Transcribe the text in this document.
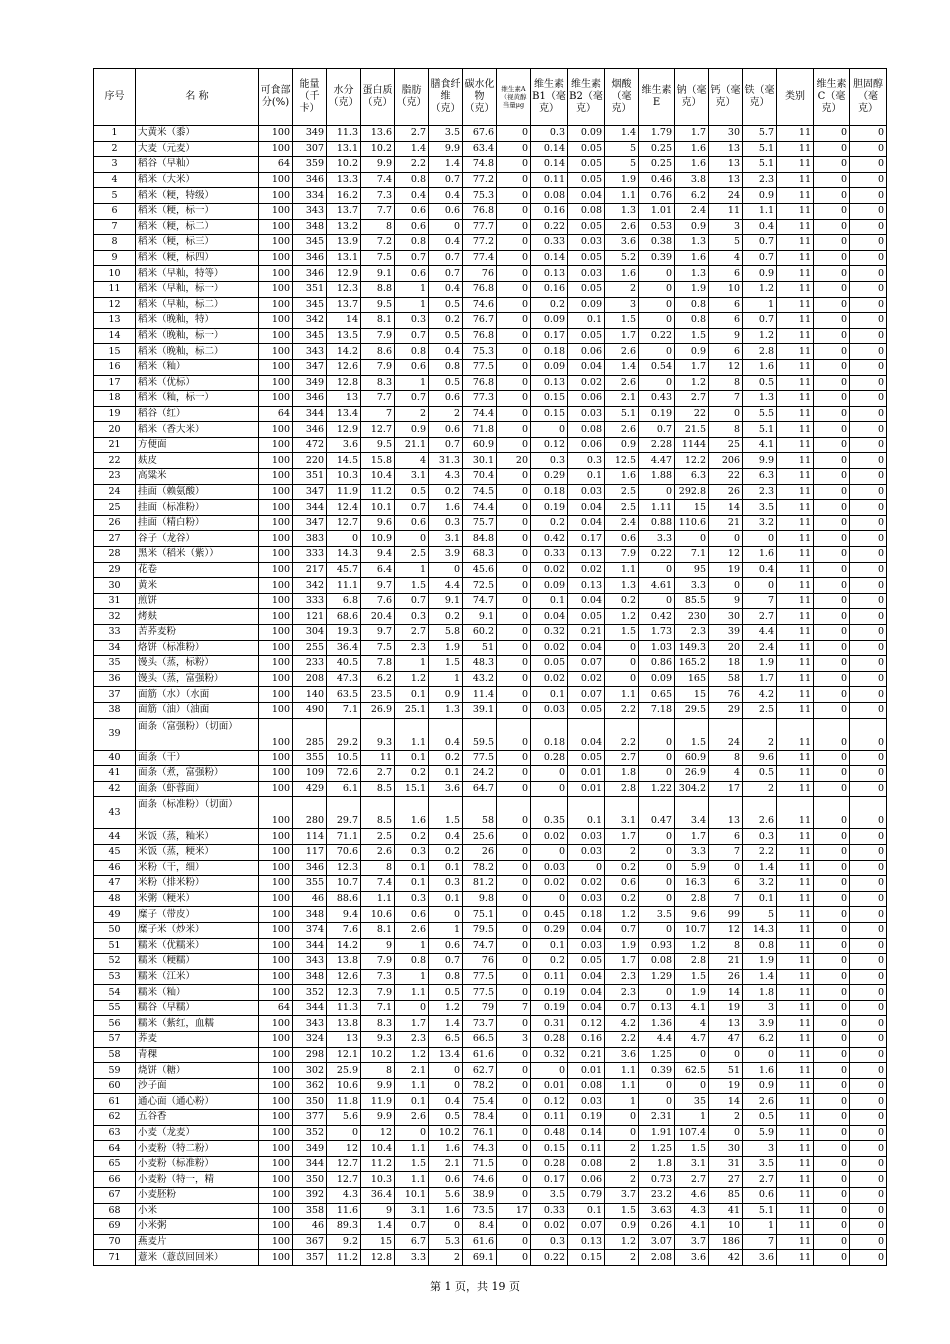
序号	名 称	可食部分(%)	能量（千卡）	水分（克）	蛋白质（克）	脂肪（克）	膳食纤维（克）	碳水化物（克）	维生素A（视黄醇当量μg	维生素B1（毫克）	维生素B2（毫克）	烟酸（毫克）	维生素E	钠（毫克）	钙（毫克）	铁（毫克）	类别	维生素C（毫克）	胆固醇（毫克）
1	大黄米（黍）	100	349	11.3	13.6	2.7	3.5	67.6	0	0.3	0.09	1.4	1.79	1.7	30	5.7	11	0	0
2	大麦（元麦）	100	307	13.1	10.2	1.4	9.9	63.4	0	0.14	0.05	5	0.25	1.6	13	5.1	11	0	0
3	稻谷（早籼）	64	359	10.2	9.9	2.2	1.4	74.8	0	0.14	0.05	5	0.25	1.6	13	5.1	11	0	0
4	稻米（大米）	100	346	13.3	7.4	0.8	0.7	77.2	0	0.11	0.05	1.9	0.46	3.8	13	2.3	11	0	0
5	稻米（粳，特级）	100	334	16.2	7.3	0.4	0.4	75.3	0	0.08	0.04	1.1	0.76	6.2	24	0.9	11	0	0
6	稻米（粳，标一）	100	343	13.7	7.7	0.6	0.6	76.8	0	0.16	0.08	1.3	1.01	2.4	11	1.1	11	0	0
7	稻米（粳，标二）	100	348	13.2	8	0.6	0	77.7	0	0.22	0.05	2.6	0.53	0.9	3	0.4	11	0	0
8	稻米（粳，标三）	100	345	13.9	7.2	0.8	0.4	77.2	0	0.33	0.03	3.6	0.38	1.3	5	0.7	11	0	0
9	稻米（粳，标四）	100	346	13.1	7.5	0.7	0.7	77.4	0	0.14	0.05	5.2	0.39	1.6	4	0.7	11	0	0
10	稻米（早籼，特等）	100	346	12.9	9.1	0.6	0.7	76	0	0.13	0.03	1.6	0	1.3	6	0.9	11	0	0
11	稻米（早籼，标一）	100	351	12.3	8.8	1	0.4	76.8	0	0.16	0.05	2	0	1.9	10	1.2	11	0	0
12	稻米（早籼，标二）	100	345	13.7	9.5	1	0.5	74.6	0	0.2	0.09	3	0	0.8	6	1	11	0	0
13	稻米（晚籼，特）	100	342	14	8.1	0.3	0.2	76.7	0	0.09	0.1	1.5	0	0.8	6	0.7	11	0	0
14	稻米（晚籼，标一）	100	345	13.5	7.9	0.7	0.5	76.8	0	0.17	0.05	1.7	0.22	1.5	9	1.2	11	0	0
15	稻米（晚籼，标二）	100	343	14.2	8.6	0.8	0.4	75.3	0	0.18	0.06	2.6	0	0.9	6	2.8	11	0	0
16	稻米（籼）	100	347	12.6	7.9	0.6	0.8	77.5	0	0.09	0.04	1.4	0.54	1.7	12	1.6	11	0	0
17	稻米（优标）	100	349	12.8	8.3	1	0.5	76.8	0	0.13	0.02	2.6	0	1.2	8	0.5	11	0	0
18	稻米（籼，标一）	100	346	13	7.7	0.7	0.6	77.3	0	0.15	0.06	2.1	0.43	2.7	7	1.3	11	0	0
19	稻谷（红）	64	344	13.4	7	2	2	74.4	0	0.15	0.03	5.1	0.19	22	0	5.5	11	0	0
20	稻米（香大米）	100	346	12.9	12.7	0.9	0.6	71.8	0	0	0.08	2.6	0.7	21.5	8	5.1	11	0	0
21	方便面	100	472	3.6	9.5	21.1	0.7	60.9	0	0.12	0.06	0.9	2.28	1144	25	4.1	11	0	0
22	麸皮	100	220	14.5	15.8	4	31.3	30.1	20	0.3	0.3	12.5	4.47	12.2	206	9.9	11	0	0
23	高粱米	100	351	10.3	10.4	3.1	4.3	70.4	0	0.29	0.1	1.6	1.88	6.3	22	6.3	11	0	0
24	挂面（赖氨酸）	100	347	11.9	11.2	0.5	0.2	74.5	0	0.18	0.03	2.5	0	292.8	26	2.3	11	0	0
25	挂面（标准粉）	100	344	12.4	10.1	0.7	1.6	74.4	0	0.19	0.04	2.5	1.11	15	14	3.5	11	0	0
26	挂面（精白粉）	100	347	12.7	9.6	0.6	0.3	75.7	0	0.2	0.04	2.4	0.88	110.6	21	3.2	11	0	0
27	谷子（龙谷）	100	383	0	10.9	0	3.1	84.8	0	0.42	0.17	0.6	3.3	0	0	0	11	0	0
28	黑米（稻米（紫））	100	333	14.3	9.4	2.5	3.9	68.3	0	0.33	0.13	7.9	0.22	7.1	12	1.6	11	0	0
29	花卷	100	217	45.7	6.4	1	0	45.6	0	0.02	0.02	1.1	0	95	19	0.4	11	0	0
30	黄米	100	342	11.1	9.7	1.5	4.4	72.5	0	0.09	0.13	1.3	4.61	3.3	0	0	11	0	0
31	煎饼	100	333	6.8	7.6	0.7	9.1	74.7	0	0.1	0.04	0.2	0	85.5	9	7	11	0	0
32	烤麸	100	121	68.6	20.4	0.3	0.2	9.1	0	0.04	0.05	1.2	0.42	230	30	2.7	11	0	0
33	苦荞麦粉	100	304	19.3	9.7	2.7	5.8	60.2	0	0.32	0.21	1.5	1.73	2.3	39	4.4	11	0	0
34	烙饼（标准粉）	100	255	36.4	7.5	2.3	1.9	51	0	0.02	0.04	0	1.03	149.3	20	2.4	11	0	0
35	馒头（蒸，标粉）	100	233	40.5	7.8	1	1.5	48.3	0	0.05	0.07	0	0.86	165.2	18	1.9	11	0	0
36	馒头（蒸，富强粉）	100	208	47.3	6.2	1.2	1	43.2	0	0.02	0.02	0	0.09	165	58	1.7	11	0	0
37	面筋（水）（水面	100	140	63.5	23.5	0.1	0.9	11.4	0	0.1	0.07	1.1	0.65	15	76	4.2	11	0	0
38	面筋（油）（油面	100	490	7.1	26.9	25.1	1.3	39.1	0	0.03	0.05	2.2	7.18	29.5	29	2.5	11	0	0
39	面条（富强粉）（切面）	100	285	29.2	9.3	1.1	0.4	59.5	0	0.18	0.04	2.2	0	1.5	24	2	11	0	0
40	面条（干）	100	355	10.5	11	0.1	0.2	77.5	0	0.28	0.05	2.7	0	60.9	8	9.6	11	0	0
41	面条（煮，富强粉）	100	109	72.6	2.7	0.2	0.1	24.2	0	0	0.01	1.8	0	26.9	4	0.5	11	0	0
42	面条（虾蓉面）	100	429	6.1	8.5	15.1	3.6	64.7	0	0	0.01	2.8	1.22	304.2	17	2	11	0	0
43	面条（标准粉）（切面）	100	280	29.7	8.5	1.6	1.5	58	0	0.35	0.1	3.1	0.47	3.4	13	2.6	11	0	0
44	米饭（蒸，籼米）	100	114	71.1	2.5	0.2	0.4	25.6	0	0.02	0.03	1.7	0	1.7	6	0.3	11	0	0
45	米饭（蒸，粳米）	100	117	70.6	2.6	0.3	0.2	26	0	0	0.03	2	0	3.3	7	2.2	11	0	0
46	米粉（干，细）	100	346	12.3	8	0.1	0.1	78.2	0	0.03	0	0.2	0	5.9	0	1.4	11	0	0
47	米粉（排米粉）	100	355	10.7	7.4	0.1	0.3	81.2	0	0.02	0.02	0.6	0	16.3	6	3.2	11	0	0
48	米粥（粳米）	100	46	88.6	1.1	0.3	0.1	9.8	0	0	0.03	0.2	0	2.8	7	0.1	11	0	0
49	糜子（带皮）	100	348	9.4	10.6	0.6	0	75.1	0	0.45	0.18	1.2	3.5	9.6	99	5	11	0	0
50	糜子米（炒米）	100	374	7.6	8.1	2.6	1	79.5	0	0.29	0.04	0.7	0	10.7	12	14.3	11	0	0
51	糯米（优糯米）	100	344	14.2	9	1	0.6	74.7	0	0.1	0.03	1.9	0.93	1.2	8	0.8	11	0	0
52	糯米（粳糯）	100	343	13.8	7.9	0.8	0.7	76	0	0.2	0.05	1.7	0.08	2.8	21	1.9	11	0	0
53	糯米（江米）	100	348	12.6	7.3	1	0.8	77.5	0	0.11	0.04	2.3	1.29	1.5	26	1.4	11	0	0
54	糯米（籼）	100	352	12.3	7.9	1.1	0.5	77.5	0	0.19	0.04	2.3	0	1.9	14	1.8	11	0	0
55	糯谷（早糯）	64	344	11.3	7.1	0	1.2	79	7	0.19	0.04	0.7	0.13	4.1	19	3	11	0	0
56	糯米（紫红，血糯	100	343	13.8	8.3	1.7	1.4	73.7	0	0.31	0.12	4.2	1.36	4	13	3.9	11	0	0
57	荞麦	100	324	13	9.3	2.3	6.5	66.5	3	0.28	0.16	2.2	4.4	4.7	47	6.2	11	0	0
58	青稞	100	298	12.1	10.2	1.2	13.4	61.6	0	0.32	0.21	3.6	1.25	0	0	0	11	0	0
59	烧饼（糖）	100	302	25.9	8	2.1	0	62.7	0	0	0.01	1.1	0.39	62.5	51	1.6	11	0	0
60	沙子面	100	362	10.6	9.9	1.1	0	78.2	0	0.01	0.08	1.1	0	0	19	0.9	11	0	0
61	通心面（通心粉）	100	350	11.8	11.9	0.1	0.4	75.4	0	0.12	0.03	1	0	35	14	2.6	11	0	0
62	五谷香	100	377	5.6	9.9	2.6	0.5	78.4	0	0.11	0.19	0	2.31	1	2	0.5	11	0	0
63	小麦（龙麦）	100	352	0	12	0	10.2	76.1	0	0.48	0.14	0	1.91	107.4	0	5.9	11	0	0
64	小麦粉（特二粉）	100	349	12	10.4	1.1	1.6	74.3	0	0.15	0.11	2	1.25	1.5	30	3	11	0	0
65	小麦粉（标准粉）	100	344	12.7	11.2	1.5	2.1	71.5	0	0.28	0.08	2	1.8	3.1	31	3.5	11	0	0
66	小麦粉（特一，精	100	350	12.7	10.3	1.1	0.6	74.6	0	0.17	0.06	2	0.73	2.7	27	2.7	11	0	0
67	小麦胚粉	100	392	4.3	36.4	10.1	5.6	38.9	0	3.5	0.79	3.7	23.2	4.6	85	0.6	11	0	0
68	小米	100	358	11.6	9	3.1	1.6	73.5	17	0.33	0.1	1.5	3.63	4.3	41	5.1	11	0	0
69	小米粥	100	46	89.3	1.4	0.7	0	8.4	0	0.02	0.07	0.9	0.26	4.1	10	1	11	0	0
70	燕麦片	100	367	9.2	15	6.7	5.3	61.6	0	0.3	0.13	1.2	3.07	3.7	186	7	11	0	0
71	薏米（薏苡回回米）	100	357	11.2	12.8	3.3	2	69.1	0	0.22	0.15	2	2.08	3.6	42	3.6	11	0	0
第 1 页，共 19 页
